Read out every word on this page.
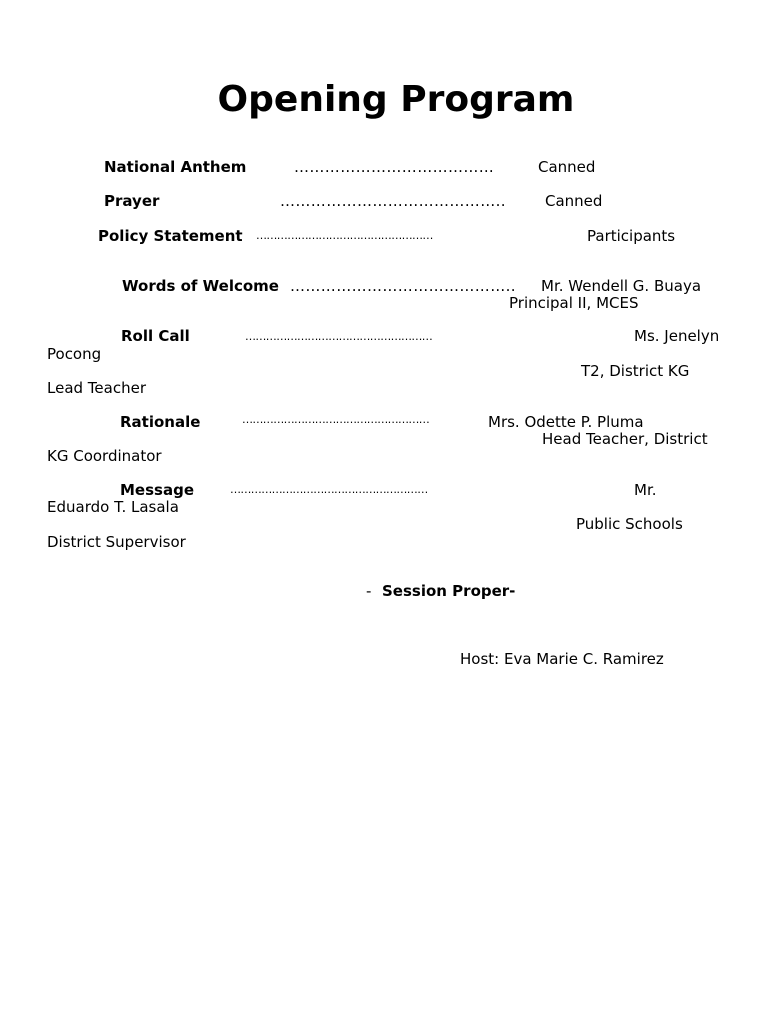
Opening Program
National Anthem	…………………………………	Canned
Prayer	……………………………………..	Canned
Policy Statement ……………………………………………	Participants
Words of Welcome …………………………………….. Mr. Wendell G. Buaya
Principal II, MCES
Roll Call	………………………………………………	Ms. Jenelyn
Pocong
T2, District KG
Lead Teacher
Rationale	………………………………………………	Mrs. Odette P. Pluma
Head Teacher, District
KG Coordinator
Message	…………………………………………………	Mr.
Eduardo T. Lasala
Public Schools
District Supervisor
- Session Proper-
Host: Eva Marie C. Ramirez
